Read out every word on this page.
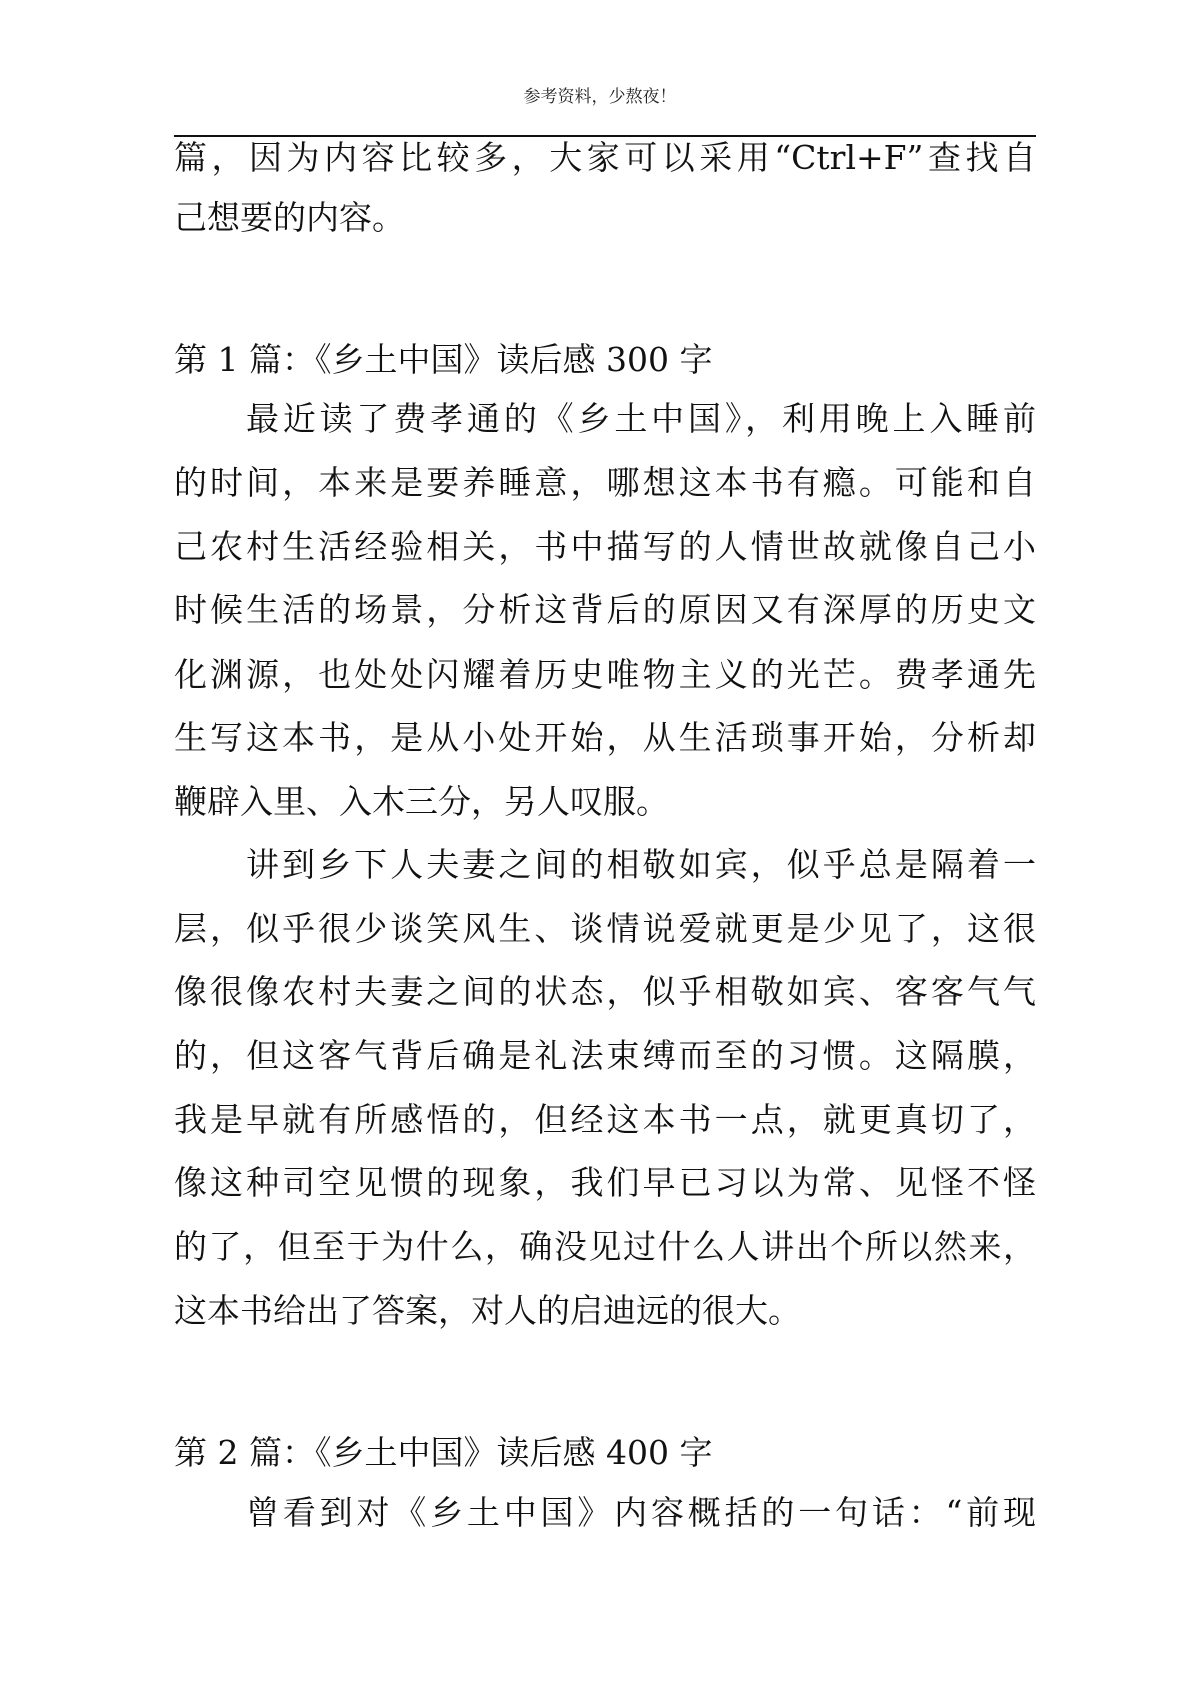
参考资料，少熬夜！
篇，因为内容比较多，大家可以采用“Ctrl+F”查找自
己想要的内容。
第 1 篇：《乡土中国》读后感 300 字
最近读了费孝通的《乡土中国》，利用晚上入睡前
的时间，本来是要养睡意，哪想这本书有瘾。可能和自
己农村生活经验相关，书中描写的人情世故就像自己小
时候生活的场景，分析这背后的原因又有深厚的历史文
化渊源，也处处闪耀着历史唯物主义的光芒。费孝通先
生写这本书，是从小处开始，从生活琐事开始，分析却
鞭辟入里、入木三分，另人叹服。
讲到乡下人夫妻之间的相敬如宾，似乎总是隔着一
层，似乎很少谈笑风生、谈情说爱就更是少见了，这很
像很像农村夫妻之间的状态，似乎相敬如宾、客客气气
的，但这客气背后确是礼法束缚而至的习惯。这隔膜，
我是早就有所感悟的，但经这本书一点，就更真切了，
像这种司空见惯的现象，我们早已习以为常、见怪不怪
的了，但至于为什么，确没见过什么人讲出个所以然来，
这本书给出了答案，对人的启迪远的很大。
第 2 篇：《乡土中国》读后感 400 字
曾看到对《乡土中国》内容概括的一句话：“前现
